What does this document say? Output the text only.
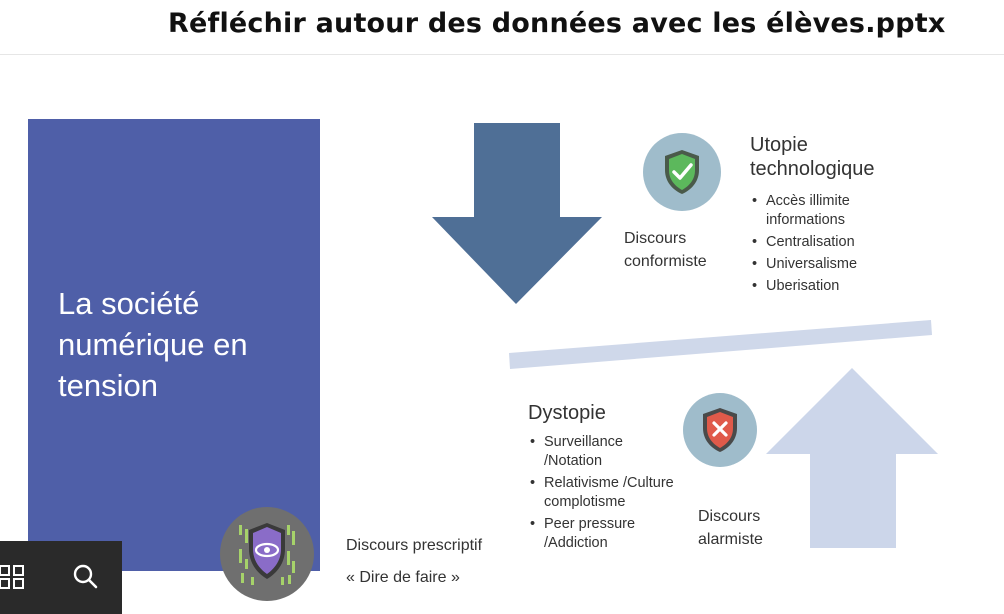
Réfléchir autour des données avec les élèves.pptx
La société numérique en tension
Utopie technologique
• Accès illimite informations
• Centralisation
• Universalisme
• Uberisation
Discours conformiste
Dystopie
• Surveillance /Notation
• Relativisme /Culture complotisme
• Peer pressure /Addiction
Discours alarmiste
Discours prescriptif
« Dire de faire »
